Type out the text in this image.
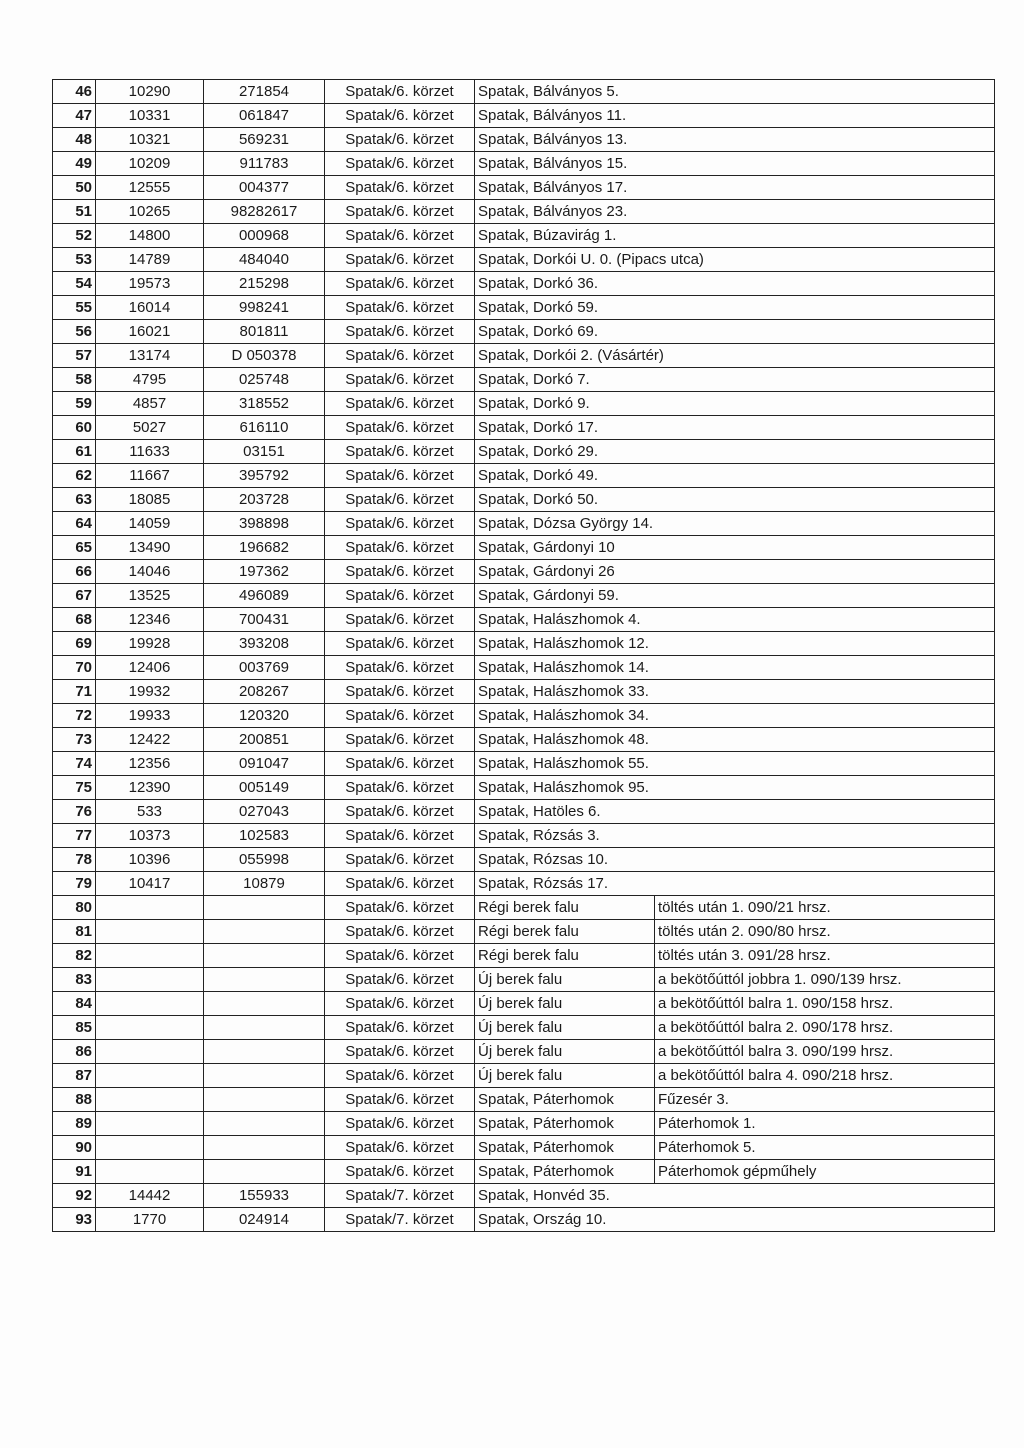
46	10290	271854	Spatak/6. körzet	Spatak, Bálványos 5.	
47	10331	061847	Spatak/6. körzet	Spatak, Bálványos 11.	
48	10321	569231	Spatak/6. körzet	Spatak, Bálványos 13.	
49	10209	911783	Spatak/6. körzet	Spatak, Bálványos 15.	
50	12555	004377	Spatak/6. körzet	Spatak, Bálványos 17.	
51	10265	98282617	Spatak/6. körzet	Spatak, Bálványos 23.	
52	14800	000968	Spatak/6. körzet	Spatak, Búzavirág 1.	
53	14789	484040	Spatak/6. körzet	Spatak, Dorkói U. 0. (Pipacs utca)	
54	19573	215298	Spatak/6. körzet	Spatak, Dorkó 36.	
55	16014	998241	Spatak/6. körzet	Spatak, Dorkó 59.	
56	16021	801811	Spatak/6. körzet	Spatak, Dorkó 69.	
57	13174	D 050378	Spatak/6. körzet	Spatak, Dorkói 2. (Vásártér)	
58	4795	025748	Spatak/6. körzet	Spatak, Dorkó 7.	
59	4857	318552	Spatak/6. körzet	Spatak, Dorkó 9.	
60	5027	616110	Spatak/6. körzet	Spatak, Dorkó 17.	
61	11633	03151	Spatak/6. körzet	Spatak, Dorkó 29.	
62	11667	395792	Spatak/6. körzet	Spatak, Dorkó 49.	
63	18085	203728	Spatak/6. körzet	Spatak, Dorkó 50.	
64	14059	398898	Spatak/6. körzet	Spatak, Dózsa György 14.	
65	13490	196682	Spatak/6. körzet	Spatak, Gárdonyi 10	
66	14046	197362	Spatak/6. körzet	Spatak, Gárdonyi 26	
67	13525	496089	Spatak/6. körzet	Spatak, Gárdonyi 59.	
68	12346	700431	Spatak/6. körzet	Spatak, Halászhomok 4.	
69	19928	393208	Spatak/6. körzet	Spatak, Halászhomok 12.	
70	12406	003769	Spatak/6. körzet	Spatak, Halászhomok 14.	
71	19932	208267	Spatak/6. körzet	Spatak, Halászhomok 33.	
72	19933	120320	Spatak/6. körzet	Spatak, Halászhomok 34.	
73	12422	200851	Spatak/6. körzet	Spatak, Halászhomok 48.	
74	12356	091047	Spatak/6. körzet	Spatak, Halászhomok 55.	
75	12390	005149	Spatak/6. körzet	Spatak, Halászhomok 95.	
76	533	027043	Spatak/6. körzet	Spatak, Hatöles 6.	
77	10373	102583	Spatak/6. körzet	Spatak, Rózsás 3.	
78	10396	055998	Spatak/6. körzet	Spatak, Rózsas 10.	
79	10417	10879	Spatak/6. körzet	Spatak, Rózsás 17.	
80			Spatak/6. körzet	Régi berek falu	töltés után 1. 090/21 hrsz.
81			Spatak/6. körzet	Régi berek falu	töltés után 2. 090/80 hrsz.
82			Spatak/6. körzet	Régi berek falu	töltés után 3. 091/28 hrsz.
83			Spatak/6. körzet	Új berek falu	a bekötőúttól jobbra 1. 090/139 hrsz.
84			Spatak/6. körzet	Új berek falu	a bekötőúttól balra 1. 090/158 hrsz.
85			Spatak/6. körzet	Új berek falu	a bekötőúttól balra 2. 090/178 hrsz.
86			Spatak/6. körzet	Új berek falu	a bekötőúttól balra 3. 090/199 hrsz.
87			Spatak/6. körzet	Új berek falu	a bekötőúttól balra 4. 090/218 hrsz.
88			Spatak/6. körzet	Spatak, Páterhomok	Fűzesér 3.
89			Spatak/6. körzet	Spatak, Páterhomok	Páterhomok 1.
90			Spatak/6. körzet	Spatak, Páterhomok	Páterhomok 5.
91			Spatak/6. körzet	Spatak, Páterhomok	Páterhomok gépműhely
92	14442	155933	Spatak/7. körzet	Spatak, Honvéd 35.	
93	1770	024914	Spatak/7. körzet	Spatak, Ország 10.	
